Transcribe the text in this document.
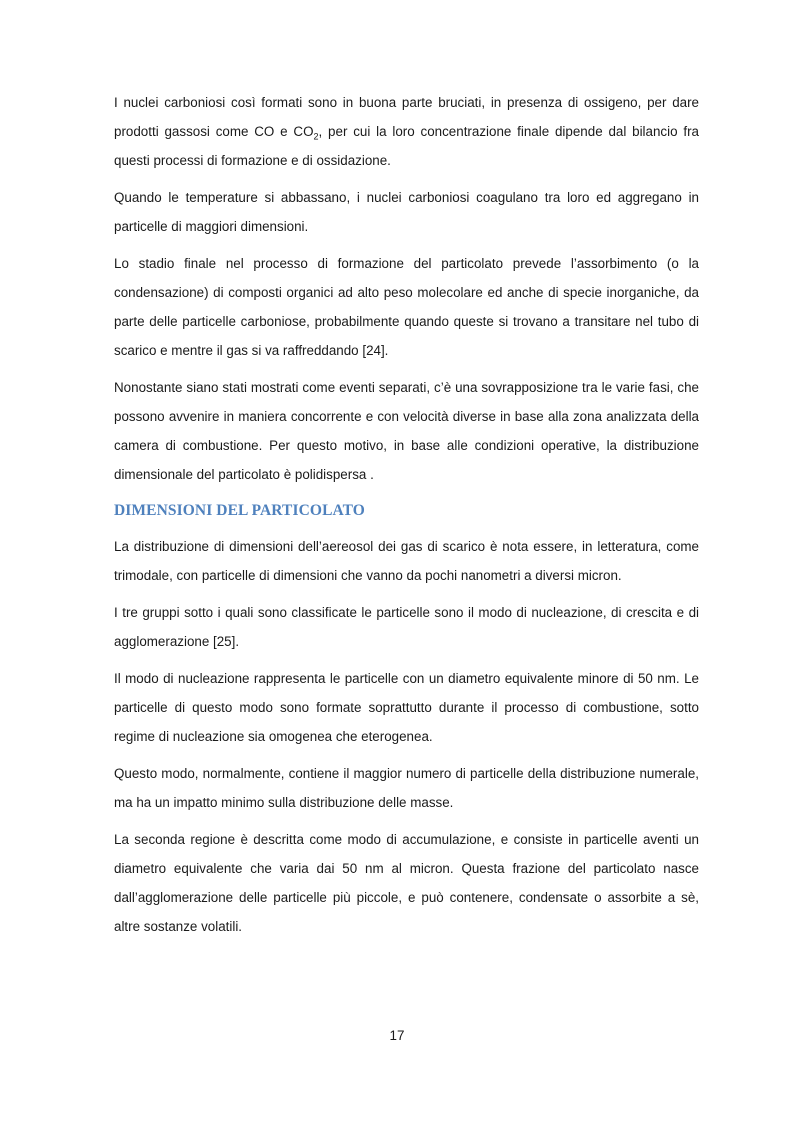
I nuclei carboniosi così formati sono in buona parte bruciati, in presenza di ossigeno, per dare prodotti gassosi come CO e $CO_2$, per cui la loro concentrazione finale dipende dal bilancio fra questi processi di formazione e di ossidazione.

Quando le temperature si abbassano, i nuclei carboniosi coagulano tra loro ed aggregano in particelle di maggiori dimensioni.

Lo stadio finale nel processo di formazione del particolato prevede l’assorbimento (o la condensazione) di composti organici ad alto peso molecolare ed anche di specie inorganiche, da parte delle particelle carboniose, probabilmente quando queste si trovano a transitare nel tubo di scarico e mentre il gas si va raffreddando [24].

Nonostante siano stati mostrati come eventi separati, c’è una sovrapposizione tra le varie fasi, che possono avvenire in maniera concorrente e con velocità diverse in base alla zona analizzata della camera di combustione. Per questo motivo, in base alle condizioni operative, la distribuzione dimensionale del particolato è polidispersa .

DIMENSIONI DEL PARTICOLATO

La distribuzione di dimensioni dell’aereosol dei gas di scarico è nota essere, in letteratura, come trimodale, con particelle di dimensioni che vanno da pochi nanometri a diversi micron.

I tre gruppi sotto i quali sono classificate le particelle sono il modo di nucleazione, di crescita e di agglomerazione [25].

Il modo di nucleazione rappresenta le particelle con un diametro equivalente minore di 50 nm. Le particelle di questo modo sono formate soprattutto durante il processo di combustione, sotto regime di nucleazione sia omogenea che eterogenea.

Questo modo, normalmente, contiene il maggior numero di particelle della distribuzione numerale, ma ha un impatto minimo sulla distribuzione delle masse.

La seconda regione è descritta come modo di accumulazione, e consiste in particelle aventi un diametro equivalente che varia dai 50 nm al micron. Questa frazione del particolato nasce dall’agglomerazione delle particelle più piccole, e può contenere, condensate o assorbite a sè, altre sostanze volatili.

17
